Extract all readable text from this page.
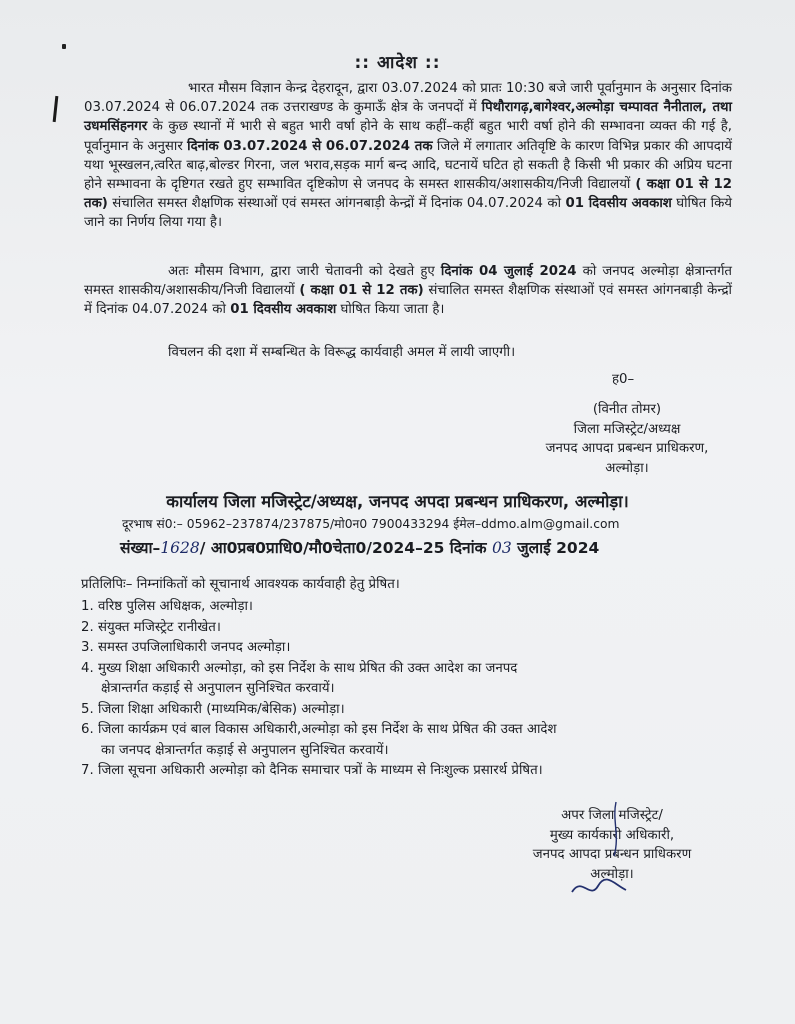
:: आदेश ::
भारत मौसम विज्ञान केन्द्र देहरादून, द्वारा 03.07.2024 को प्रातः 10:30 बजे जारी पूर्वानुमान के अनुसार दिनांक 03.07.2024 से 06.07.2024 तक उत्तराखण्ड के कुमाऊँ क्षेत्र के जनपदों में पिथौरागढ़,बागेश्वर,अल्मोड़ा चम्पावत नैनीताल, तथा उधमसिंहनगर के कुछ स्थानों में भारी से बहुत भारी वर्षा होने के साथ कहीं–कहीं बहुत भारी वर्षा होने की सम्भावना व्यक्त की गई है, पूर्वानुमान के अनुसार दिनांक 03.07.2024 से 06.07.2024 तक जिले में लगातार अतिवृष्टि के कारण विभिन्न प्रकार की आपदायें यथा भूस्खलन,त्वरित बाढ़,बोल्डर गिरना, जल भराव,सड़क मार्ग बन्द आदि, घटनायें घटित हो सकती है किसी भी प्रकार की अप्रिय घटना होने सम्भावना के दृष्टिगत रखते हुए सम्भावित दृष्टिकोण से जनपद के समस्त शासकीय/अशासकीय/निजी विद्यालयों ( कक्षा 01 से 12 तक) संचालित समस्त शैक्षणिक संस्थाओं एवं समस्त आंगनबाड़ी केन्द्रों में दिनांक 04.07.2024 को 01 दिवसीय अवकाश घोषित किये जाने का निर्णय लिया गया है।
अतः मौसम विभाग, द्वारा जारी चेतावनी को देखते हुए दिनांक 04 जुलाई 2024 को जनपद अल्मोड़ा क्षेत्रान्तर्गत समस्त शासकीय/अशासकीय/निजी विद्यालयों ( कक्षा 01 से 12 तक) संचालित समस्त शैक्षणिक संस्थाओं एवं समस्त आंगनबाड़ी केन्द्रों में दिनांक 04.07.2024 को 01 दिवसीय अवकाश घोषित किया जाता है।
विचलन की दशा में सम्बन्धित के विरूद्ध कार्यवाही अमल में लायी जाएगी।
ह0–
(विनीत तोमर)
जिला मजिस्ट्रेट/अध्यक्ष
जनपद आपदा प्रबन्धन प्राधिकरण,
अल्मोड़ा।
कार्यालय जिला मजिस्ट्रेट/अध्यक्ष, जनपद अपदा प्रबन्धन प्राधिकरण, अल्मोड़ा।
दूरभाष सं0:– 05962–237874/237875/मो0न0 7900433294 ईमेल–ddmo.alm@gmail.com
संख्या–1628/ आ0प्रब0प्राधि0/मौ0चेता0/2024–25 दिनांक 03 जुलाई 2024
प्रतिलिपिः– निम्नांकितों को सूचानार्थ आवश्यक कार्यवाही हेतु प्रेषित।
1. वरिष्ठ पुलिस अधिक्षक, अल्मोड़ा।
2. संयुक्त मजिस्ट्रेट रानीखेत।
3. समस्त उपजिलाधिकारी जनपद अल्मोड़ा।
4. मुख्य शिक्षा अधिकारी अल्मोड़ा, को इस निर्देश के साथ प्रेषित की उक्त आदेश का जनपद
क्षेत्रान्तर्गत कड़ाई से अनुपालन सुनिश्चित करवायें।
5. जिला शिक्षा अधिकारी (माध्यमिक/बेसिक) अल्मोड़ा।
6. जिला कार्यक्रम एवं बाल विकास अधिकारी,अल्मोड़ा को इस निर्देश के साथ प्रेषित की उक्त आदेश
का जनपद क्षेत्रान्तर्गत कड़ाई से अनुपालन सुनिश्चित करवायें।
7. जिला सूचना अधिकारी अल्मोड़ा को दैनिक समाचार पत्रों के माध्यम से निःशुल्क प्रसारर्थ प्रेषित।
अपर जिला मजिस्ट्रेट/
मुख्य कार्यकारी अधिकारी,
जनपद आपदा प्रबन्धन प्राधिकरण
अल्मोड़ा।
